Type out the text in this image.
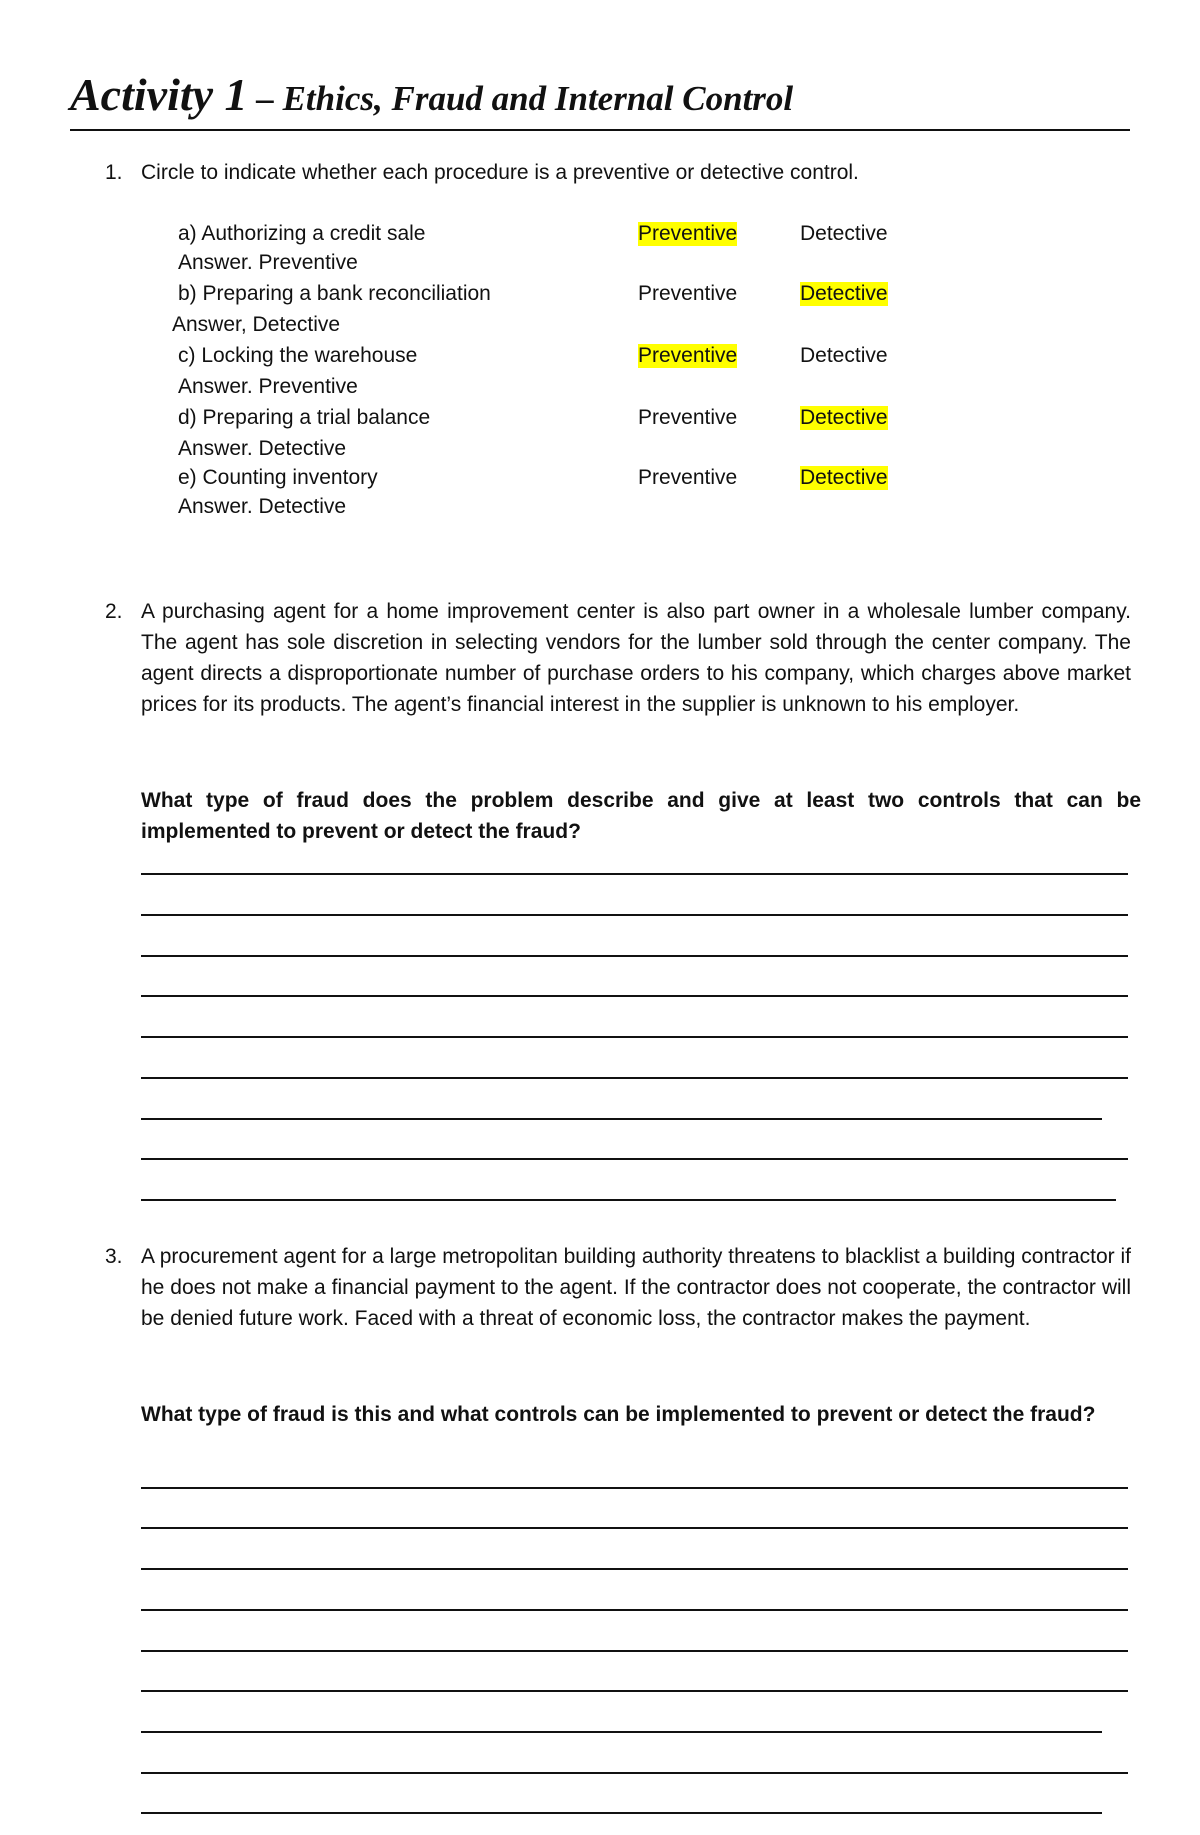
Activity 1 – Ethics, Fraud and Internal Control
1. Circle to indicate whether each procedure is a preventive or detective control.
a) Authorizing a credit sale	Preventive	Detective
Answer. Preventive
b) Preparing a bank reconciliation	Preventive	Detective
Answer, Detective
c) Locking the warehouse	Preventive	Detective
Answer. Preventive
d) Preparing a trial balance	Preventive	Detective
Answer. Detective
e) Counting inventory	Preventive	Detective
Answer. Detective
2. A purchasing agent for a home improvement center is also part owner in a wholesale lumber company. The agent has sole discretion in selecting vendors for the lumber sold through the center company. The agent directs a disproportionate number of purchase orders to his company, which charges above market prices for its products. The agent’s financial interest in the supplier is unknown to his employer.
What type of fraud does the problem describe and give at least two controls that can be implemented to prevent or detect the fraud?
3. A procurement agent for a large metropolitan building authority threatens to blacklist a building contractor if he does not make a financial payment to the agent. If the contractor does not cooperate, the contractor will be denied future work. Faced with a threat of economic loss, the contractor makes the payment.
What type of fraud is this and what controls can be implemented to prevent or detect the fraud?
